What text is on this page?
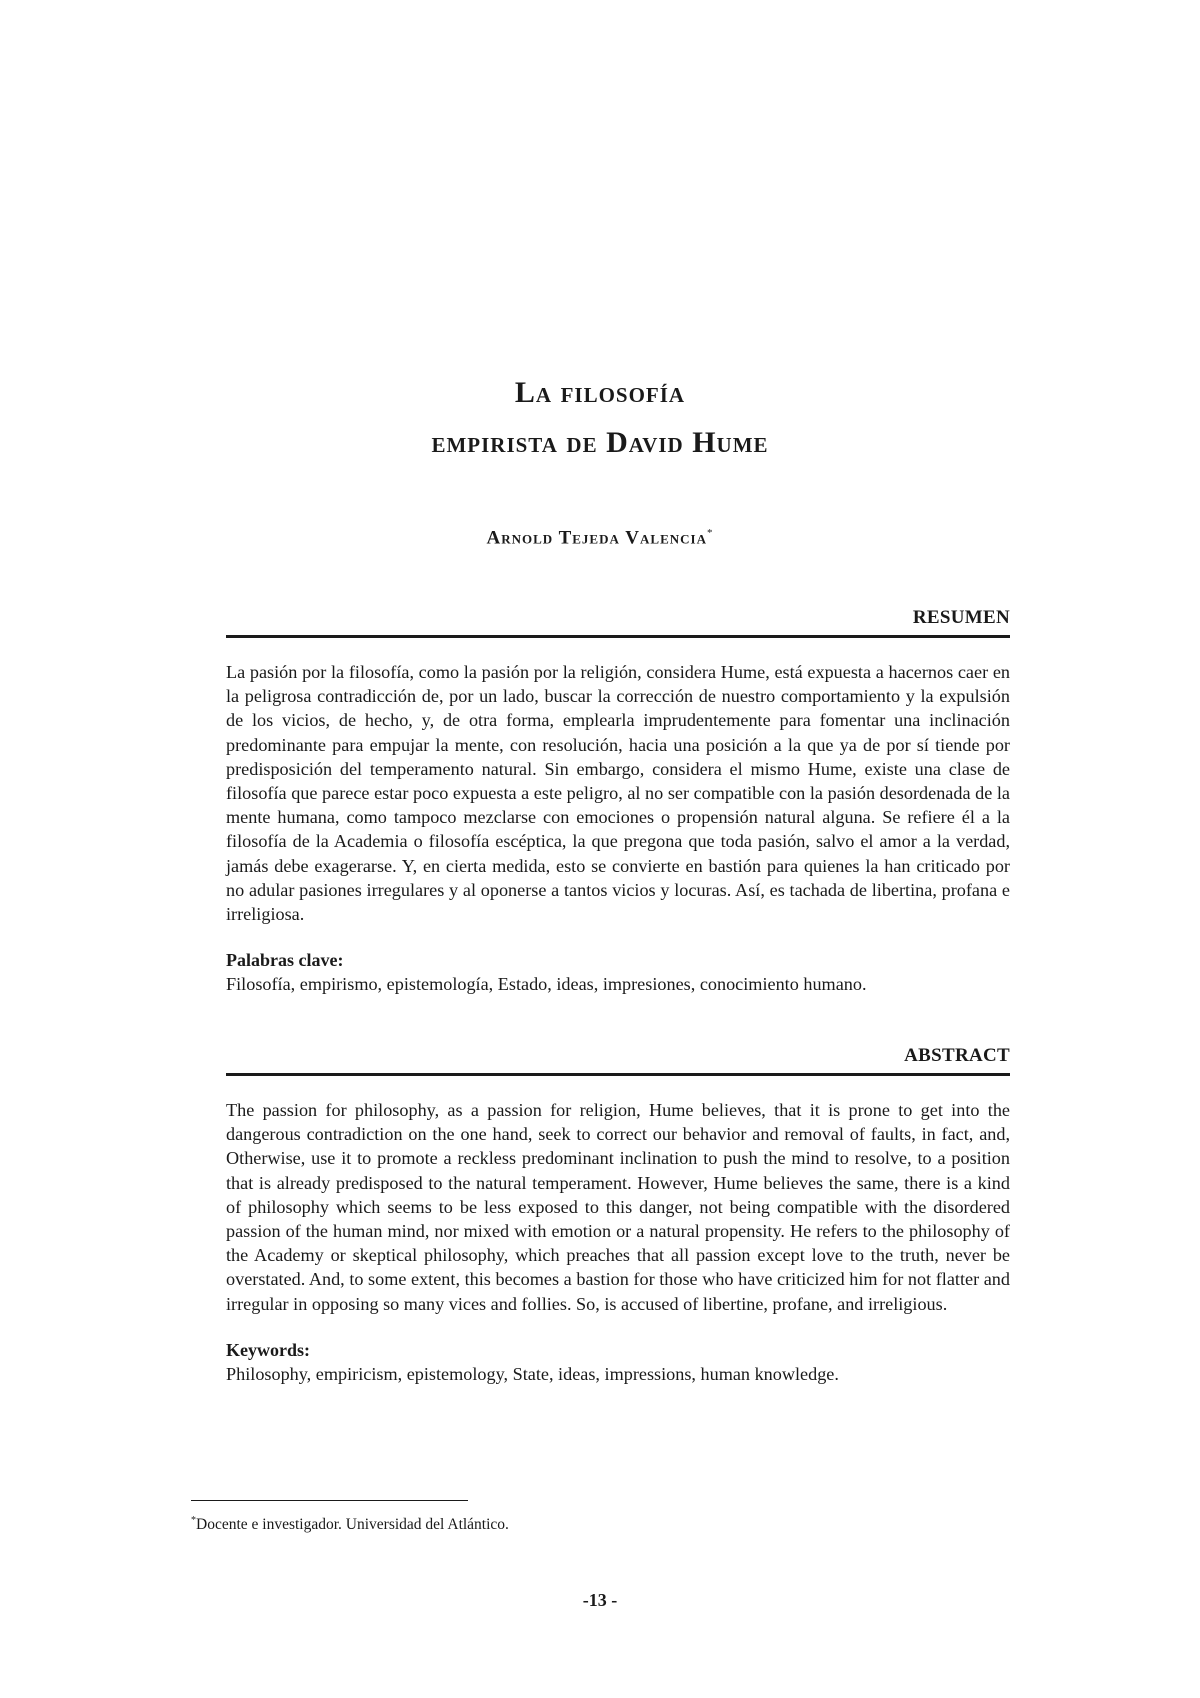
La filosofía
empirista de David Hume
Arnold Tejeda Valencia*
RESUMEN

La pasión por la filosofía, como la pasión por la religión, considera Hume, está expuesta a hacernos caer en la peligrosa contradicción de, por un lado, buscar la corrección de nuestro comportamiento y la expulsión de los vicios, de hecho, y, de otra forma, emplearla imprudentemente para fomentar una inclinación predominante para empujar la mente, con resolución, hacia una posición a la que ya de por sí tiende por predisposición del temperamento natural. Sin embargo, considera el mismo Hume, existe una clase de filosofía que parece estar poco expuesta a este peligro, al no ser compatible con la pasión desordenada de la mente humana, como tampoco mezclarse con emociones o propensión natural alguna. Se refiere él a la filosofía de la Academia o filosofía escéptica, la que pregona que toda pasión, salvo el amor a la verdad, jamás debe exagerarse. Y, en cierta medida, esto se convierte en bastión para quienes la han criticado por no adular pasiones irregulares y al oponerse a tantos vicios y locuras. Así, es tachada de libertina, profana e irreligiosa.

Palabras clave:
Filosofía, empirismo, epistemología, Estado, ideas, impresiones, conocimiento humano.
ABSTRACT

The passion for philosophy, as a passion for religion, Hume believes, that it is prone to get into the dangerous contradiction on the one hand, seek to correct our behavior and removal of faults, in fact, and, Otherwise, use it to promote a reckless predominant inclination to push the mind to resolve, to a position that is already predisposed to the natural temperament. However, Hume believes the same, there is a kind of philosophy which seems to be less exposed to this danger, not being compatible with the disordered passion of the human mind, nor mixed with emotion or a natural propensity. He refers to the philosophy of the Academy or skeptical philosophy, which preaches that all passion except love to the truth, never be overstated. And, to some extent, this becomes a bastion for those who have criticized him for not flatter and irregular in opposing so many vices and follies. So, is accused of libertine, profane, and irreligious.

Keywords:
Philosophy, empiricism, epistemology, State, ideas, impressions, human knowledge.
*Docente e investigador. Universidad del Atlántico.
-13 -
